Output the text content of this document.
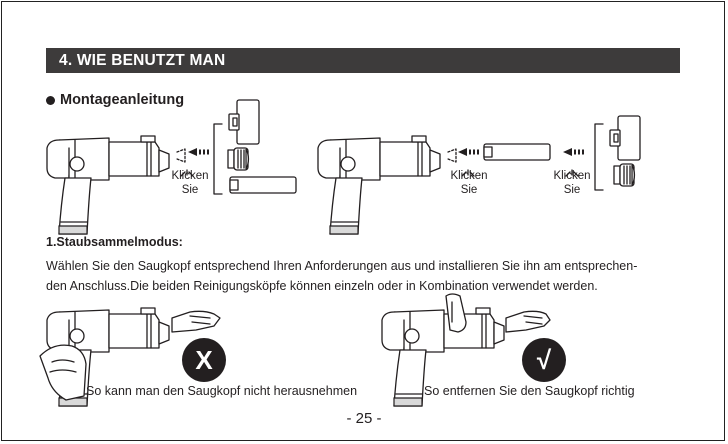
4. WIE BENUTZT MAN
Montageanleitung
Klicken
Sie
Klicken
Sie
Klicken
Sie
1.Staubsammelmodus:

Wählen Sie den Saugkopf entsprechend Ihren Anforderungen aus und installieren Sie ihn am entsprechen-

den Anschluss.Die beiden Reinigungsköpfe können einzeln oder in Kombination verwendet werden.

X	√
So kann man den Saugkopf nicht herausnehmen	So entfernen Sie den Saugkopf richtig
- 25 -
